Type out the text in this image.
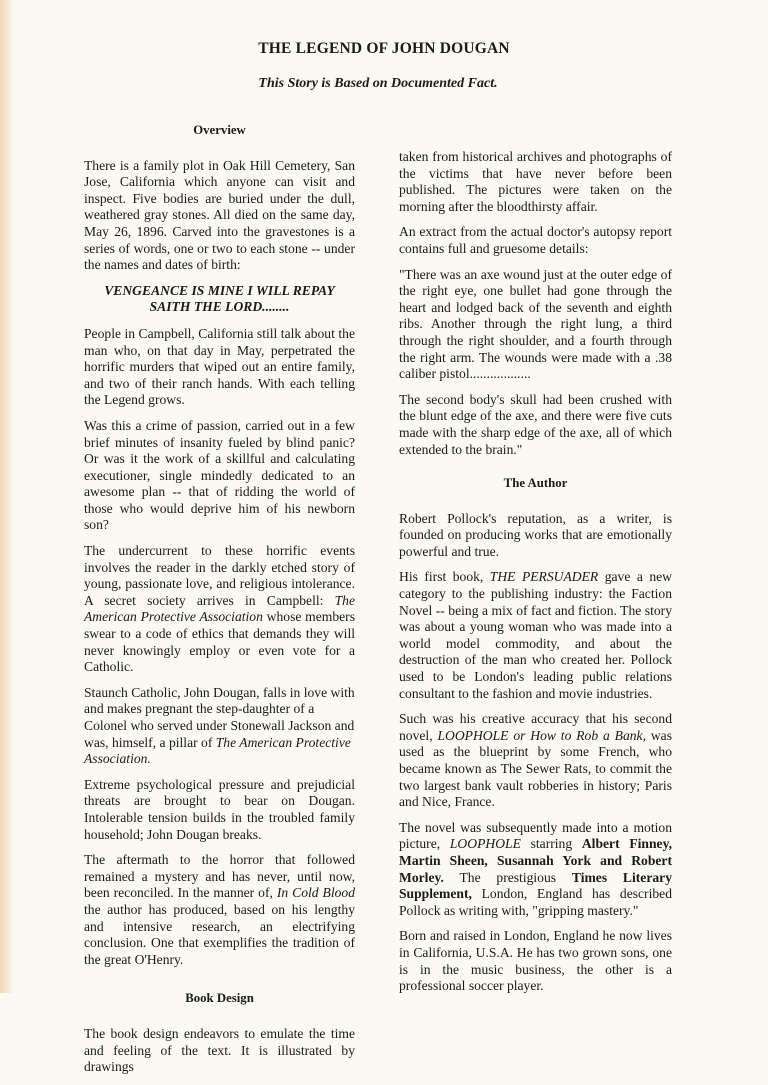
THE LEGEND OF JOHN DOUGAN
This Story is Based on Documented Fact.
Overview

There is a family plot in Oak Hill Cemetery, San Jose, California which anyone can visit and inspect. Five bodies are buried under the dull, weathered gray stones. All died on the same day, May 26, 1896. Carved into the gravestones is a series of words, one or two to each stone -- under the names and dates of birth:

VENGEANCE IS MINE I WILL REPAY SAITH THE LORD........

People in Campbell, California still talk about the man who, on that day in May, perpetrated the horrific murders that wiped out an entire family, and two of their ranch hands. With each telling the Legend grows.

Was this a crime of passion, carried out in a few brief minutes of insanity fueled by blind panic? Or was it the work of a skillful and calculating executioner, single mindedly dedicated to an awesome plan -- that of ridding the world of those who would deprive him of his newborn son?

The undercurrent to these horrific events involves the reader in the darkly etched story of young, passionate love, and religious intolerance. A secret society arrives in Campbell: The American Protective Association whose members swear to a code of ethics that demands they will never knowingly employ or even vote for a Catholic.

Staunch Catholic, John Dougan, falls in love with and makes pregnant the step-daughter of a Colonel who served under Stonewall Jackson and was, himself, a pillar of The American Protective Association.

Extreme psychological pressure and prejudicial threats are brought to bear on Dougan. Intolerable tension builds in the troubled family household; John Dougan breaks.

The aftermath to the horror that followed remained a mystery and has never, until now, been reconciled. In the manner of, In Cold Blood the author has produced, based on his lengthy and intensive research, an electrifying conclusion. One that exemplifies the tradition of the great O'Henry.

Book Design

The book design endeavors to emulate the time and feeling of the text. It is illustrated by drawings

taken from historical archives and photographs of the victims that have never before been published. The pictures were taken on the morning after the bloodthirsty affair.

An extract from the actual doctor's autopsy report contains full and gruesome details:

"There was an axe wound just at the outer edge of the right eye, one bullet had gone through the heart and lodged back of the seventh and eighth ribs. Another through the right lung, a third through the right shoulder, and a fourth through the right arm. The wounds were made with a .38 caliber pistol..................

The second body's skull had been crushed with the blunt edge of the axe, and there were five cuts made with the sharp edge of the axe, all of which extended to the brain."

The Author

Robert Pollock's reputation, as a writer, is founded on producing works that are emotionally powerful and true.

His first book, THE PERSUADER gave a new category to the publishing industry: the Faction Novel -- being a mix of fact and fiction. The story was about a young woman who was made into a world model commodity, and about the destruction of the man who created her. Pollock used to be London's leading public relations consultant to the fashion and movie industries.

Such was his creative accuracy that his second novel, LOOPHOLE or How to Rob a Bank, was used as the blueprint by some French, who became known as The Sewer Rats, to commit the two largest bank vault robberies in history; Paris and Nice, France.

The novel was subsequently made into a motion picture, LOOPHOLE starring Albert Finney, Martin Sheen, Susannah York and Robert Morley. The prestigious Times Literary Supplement, London, England has described Pollock as writing with, "gripping mastery."

Born and raised in London, England he now lives in California, U.S.A. He has two grown sons, one is in the music business, the other is a professional soccer player.
